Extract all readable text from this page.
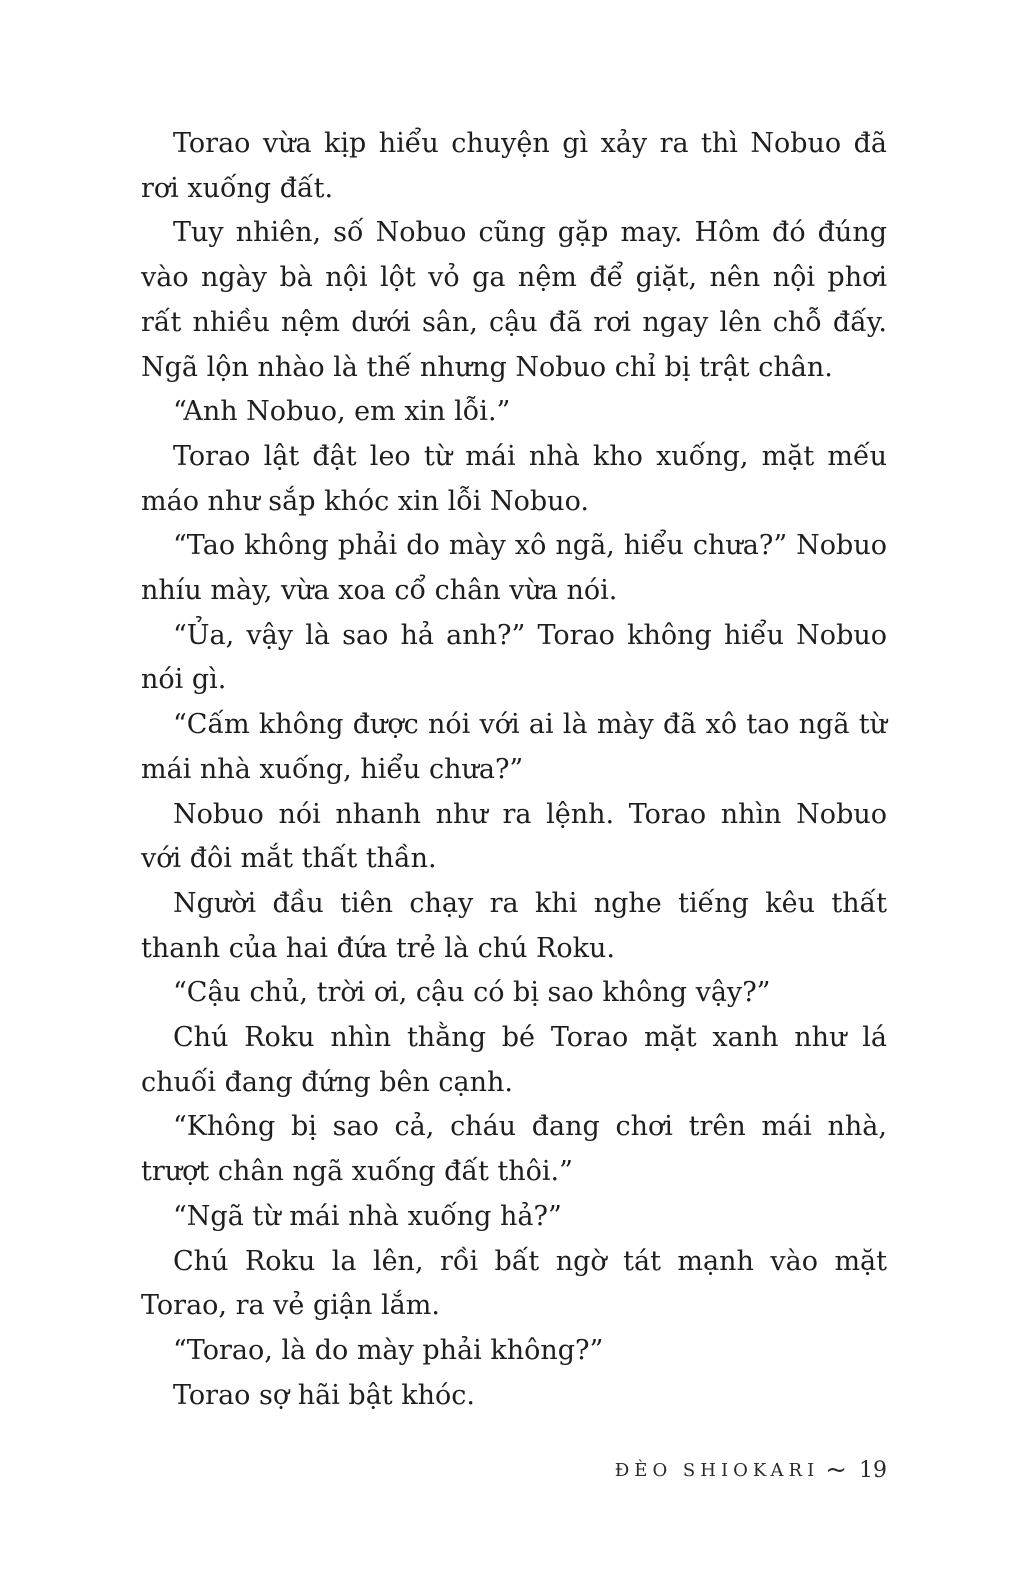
Torao vừa kịp hiểu chuyện gì xảy ra thì Nobuo đã rơi xuống đất.

Tuy nhiên, số Nobuo cũng gặp may. Hôm đó đúng vào ngày bà nội lột vỏ ga nệm để giặt, nên nội phơi rất nhiều nệm dưới sân, cậu đã rơi ngay lên chỗ đấy. Ngã lộn nhào là thế nhưng Nobuo chỉ bị trật chân.

“Anh Nobuo, em xin lỗi.”

Torao lật đật leo từ mái nhà kho xuống, mặt mếu máo như sắp khóc xin lỗi Nobuo.

“Tao không phải do mày xô ngã, hiểu chưa?” Nobuo nhíu mày, vừa xoa cổ chân vừa nói.

“Ủa, vậy là sao hả anh?” Torao không hiểu Nobuo nói gì.

“Cấm không được nói với ai là mày đã xô tao ngã từ mái nhà xuống, hiểu chưa?”

Nobuo nói nhanh như ra lệnh. Torao nhìn Nobuo với đôi mắt thất thần.

Người đầu tiên chạy ra khi nghe tiếng kêu thất thanh của hai đứa trẻ là chú Roku.

“Cậu chủ, trời ơi, cậu có bị sao không vậy?”

Chú Roku nhìn thằng bé Torao mặt xanh như lá chuối đang đứng bên cạnh.

“Không bị sao cả, cháu đang chơi trên mái nhà, trượt chân ngã xuống đất thôi.”

“Ngã từ mái nhà xuống hả?”

Chú Roku la lên, rồi bất ngờ tát mạnh vào mặt Torao, ra vẻ giận lắm.

“Torao, là do mày phải không?”

Torao sợ hãi bật khóc.

ĐÈO SHIOKARI ~ 19
